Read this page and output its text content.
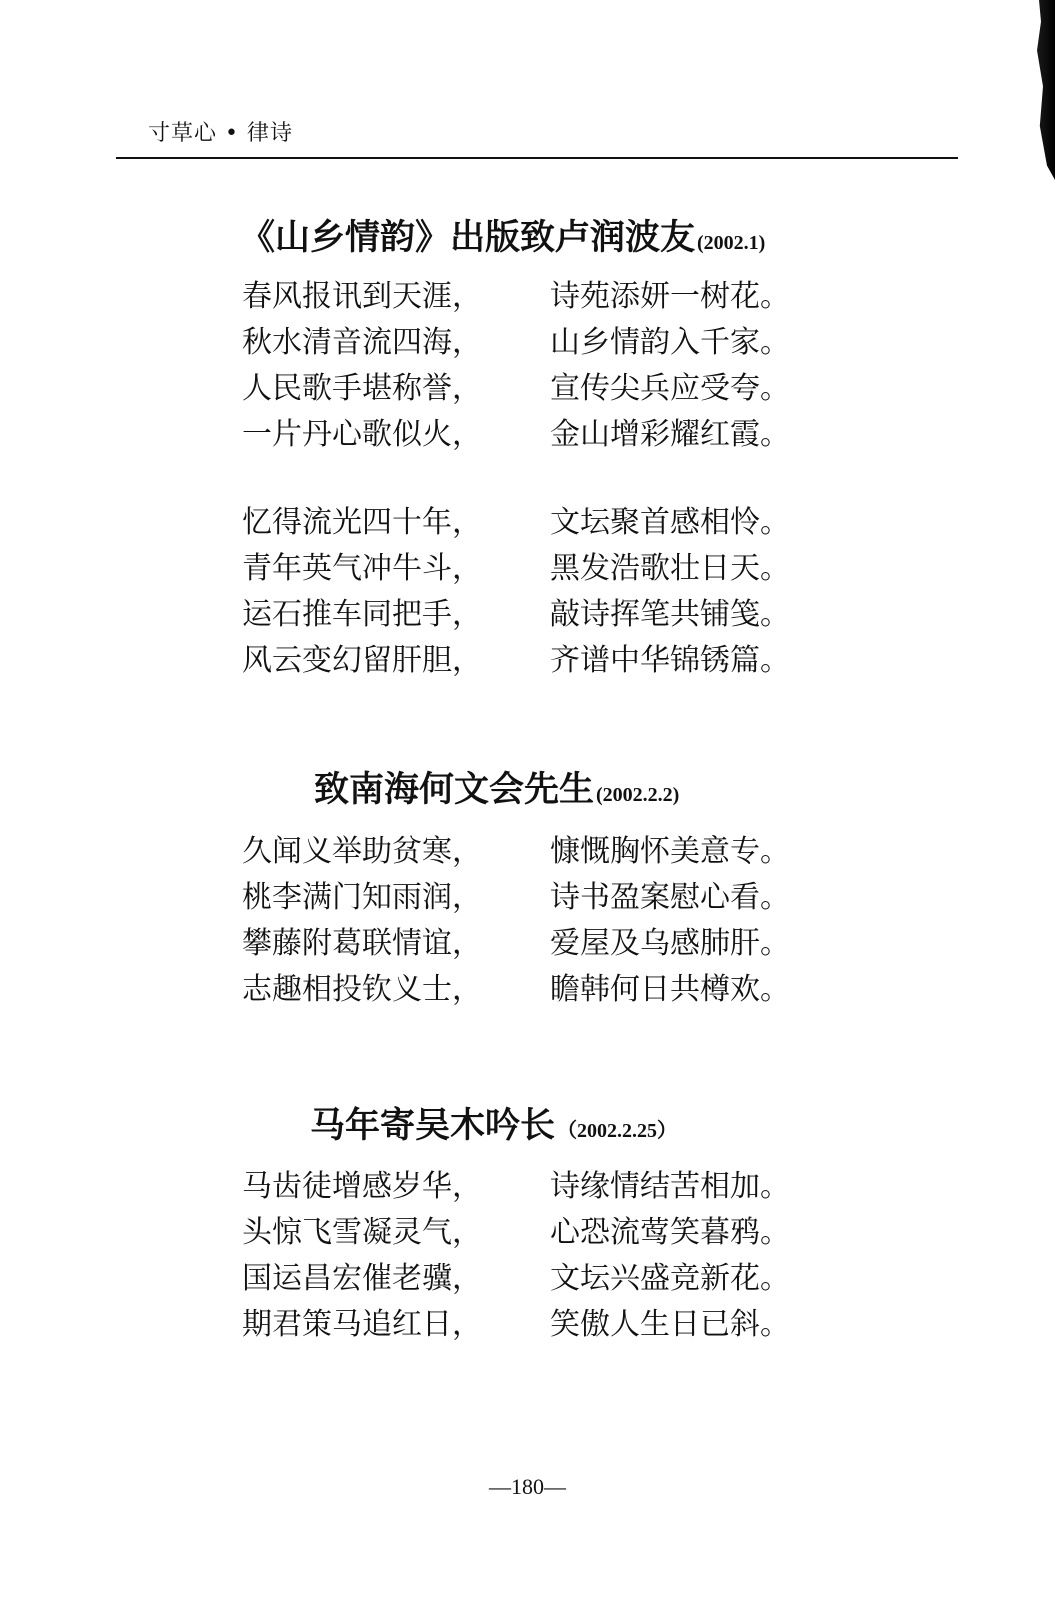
寸草心 • 律诗
《山乡情韵》出版致卢润波友 (2002.1)
春风报讯到天涯，	诗苑添妍一树花。
秋水清音流四海，	山乡情韵入千家。
人民歌手堪称誉，	宣传尖兵应受夸。
一片丹心歌似火，	金山增彩耀红霞。
忆得流光四十年，	文坛聚首感相怜。
青年英气冲牛斗，	黑发浩歌壮日天。
运石推车同把手，	敲诗挥笔共铺笺。
风云变幻留肝胆，	齐谱中华锦锈篇。
致南海何文会先生 (2002.2.2)
久闻义举助贫寒，	慷慨胸怀美意专。
桃李满门知雨润，	诗书盈案慰心看。
攀藤附葛联情谊，	爱屋及乌感肺肝。
志趣相投钦义士，	瞻韩何日共樽欢。
马年寄吴木吟长 （2002.2.25）
马齿徒增感岁华，	诗缘情结苦相加。
头惊飞雪凝灵气，	心恐流莺笑暮鸦。
国运昌宏催老骥，	文坛兴盛竞新花。
期君策马追红日，	笑傲人生日已斜。
—180—
